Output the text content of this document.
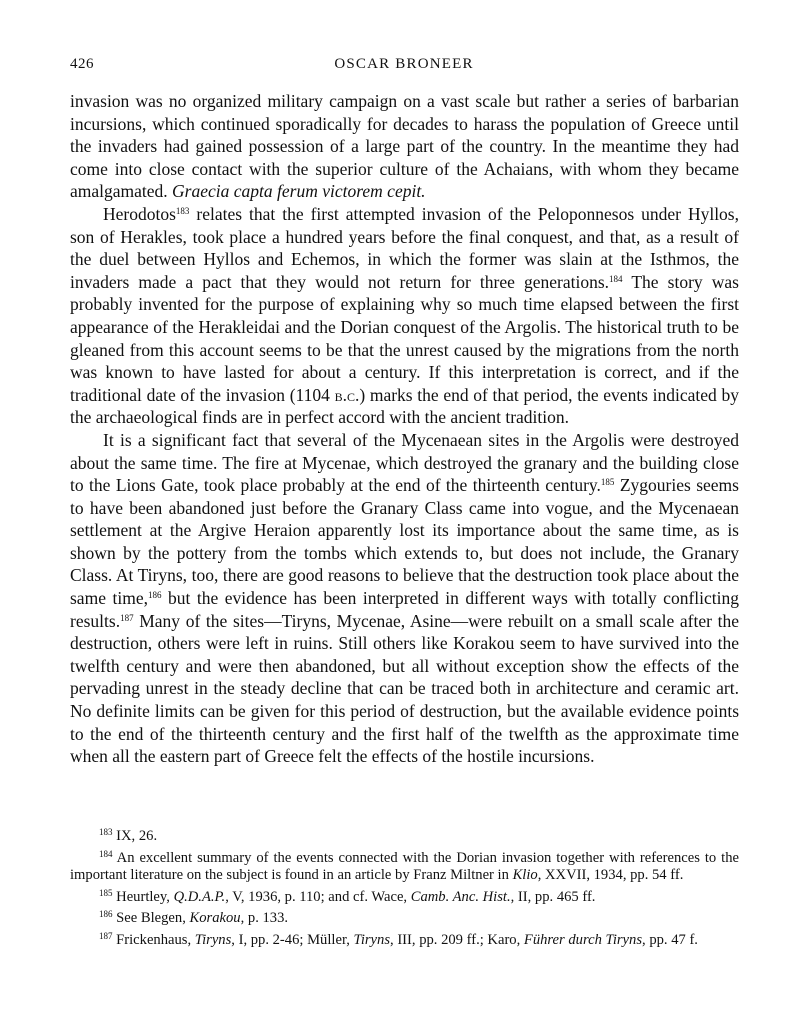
426	OSCAR BRONEER

invasion was no organized military campaign on a vast scale but rather a series of barbarian incursions, which continued sporadically for decades to harass the population of Greece until the invaders had gained possession of a large part of the country. In the meantime they had come into close contact with the superior culture of the Achaians, with whom they became amalgamated. Graecia capta ferum victorem cepit.

Herodotos$^{183}$ relates that the first attempted invasion of the Peloponnesos under Hyllos, son of Herakles, took place a hundred years before the final conquest, and that, as a result of the duel between Hyllos and Echemos, in which the former was slain at the Isthmos, the invaders made a pact that they would not return for three generations.$^{184}$ The story was probably invented for the purpose of explaining why so much time elapsed between the first appearance of the Herakleidai and the Dorian conquest of the Argolis. The historical truth to be gleaned from this account seems to be that the unrest caused by the migrations from the north was known to have lasted for about a century. If this interpretation is correct, and if the traditional date of the invasion (1104 b.c.) marks the end of that period, the events indicated by the archaeological finds are in perfect accord with the ancient tradition.

It is a significant fact that several of the Mycenaean sites in the Argolis were destroyed about the same time. The fire at Mycenae, which destroyed the granary and the building close to the Lions Gate, took place probably at the end of the thirteenth century.$^{185}$ Zygouries seems to have been abandoned just before the Granary Class came into vogue, and the Mycenaean settlement at the Argive Heraion apparently lost its importance about the same time, as is shown by the pottery from the tombs which extends to, but does not include, the Granary Class. At Tiryns, too, there are good reasons to believe that the destruction took place about the same time,$^{186}$ but the evidence has been interpreted in different ways with totally conflicting results.$^{187}$ Many of the sites—Tiryns, Mycenae, Asine—were rebuilt on a small scale after the destruction, others were left in ruins. Still others like Korakou seem to have survived into the twelfth century and were then abandoned, but all without exception show the effects of the pervading unrest in the steady decline that can be traced both in architecture and ceramic art. No definite limits can be given for this period of destruction, but the available evidence points to the end of the thirteenth century and the first half of the twelfth as the approximate time when all the eastern part of Greece felt the effects of the hostile incursions.

$^{183}$ IX, 26.

$^{184}$ An excellent summary of the events connected with the Dorian invasion together with references to the important literature on the subject is found in an article by Franz Miltner in Klio, XXVII, 1934, pp. 54 ff.

$^{185}$ Heurtley, Q.D.A.P., V, 1936, p. 110; and cf. Wace, Camb. Anc. Hist., II, pp. 465 ff.

$^{186}$ See Blegen, Korakou, p. 133.

$^{187}$ Frickenhaus, Tiryns, I, pp. 2-46; Müller, Tiryns, III, pp. 209 ff.; Karo, Führer durch Tiryns, pp. 47 f.
